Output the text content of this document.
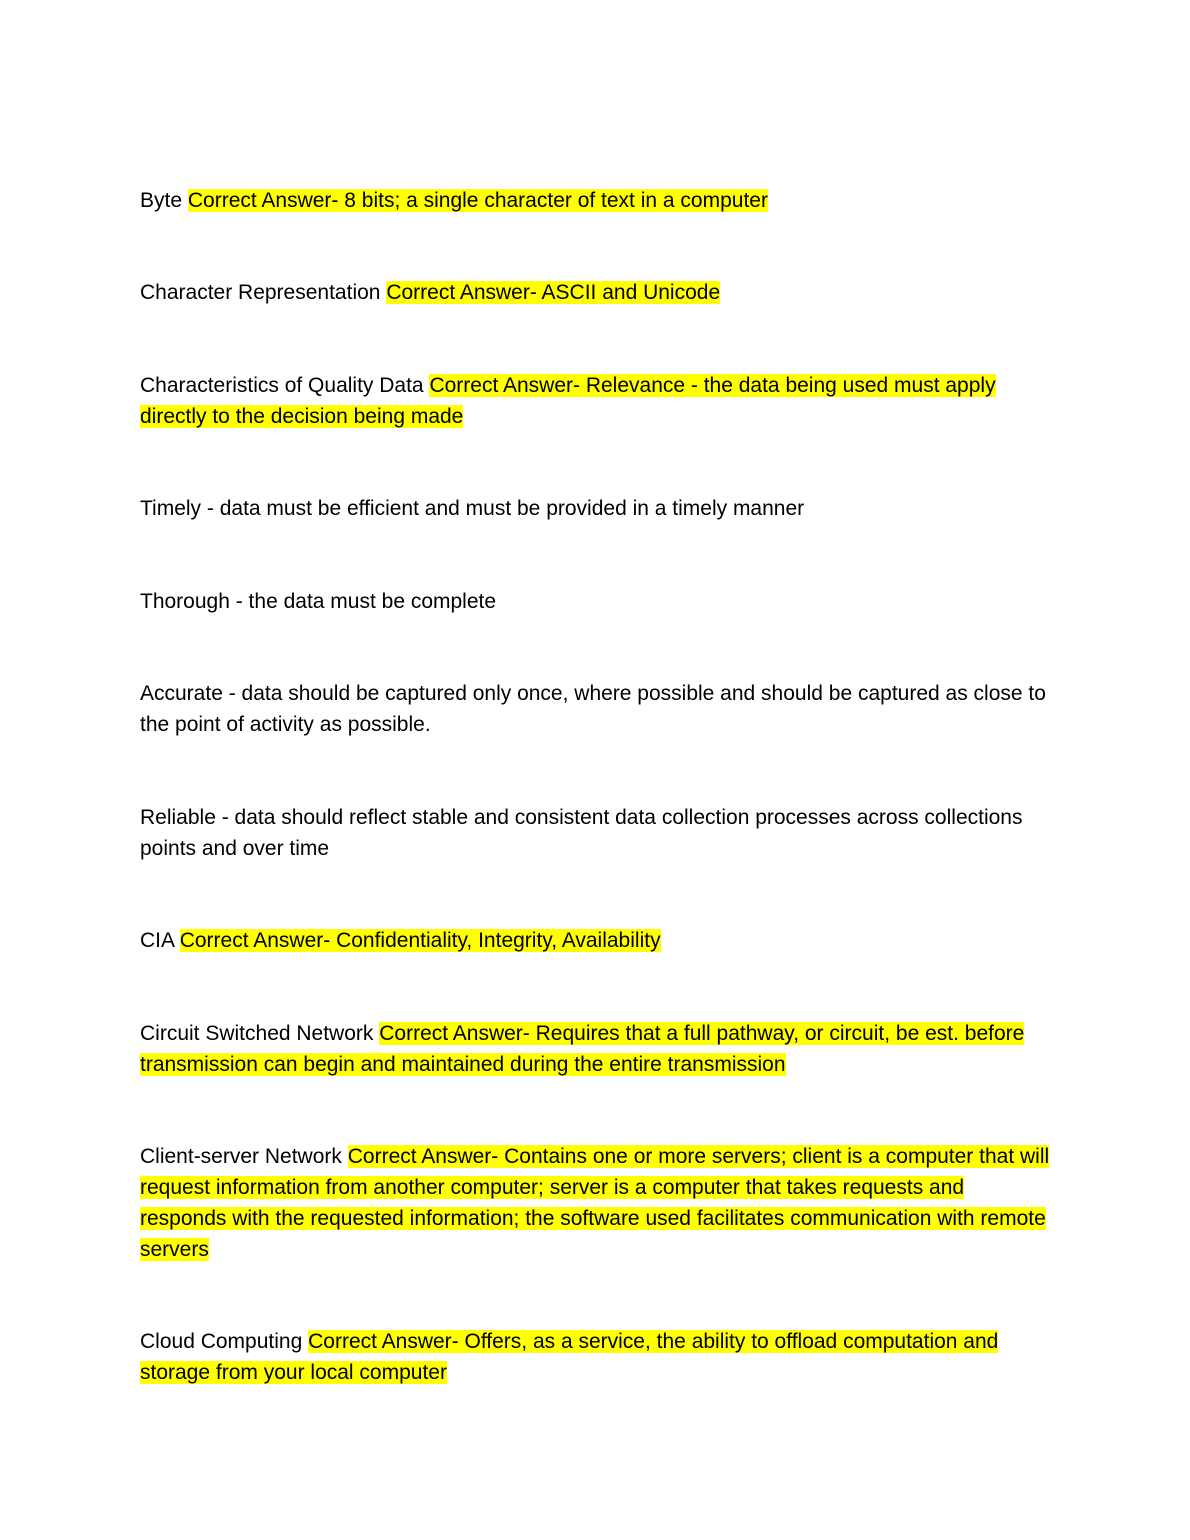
Byte Correct Answer- 8 bits; a single character of text in a computer

Character Representation Correct Answer- ASCII and Unicode

Characteristics of Quality Data Correct Answer- Relevance - the data being used must apply directly to the decision being made

Timely - data must be efficient and must be provided in a timely manner

Thorough - the data must be complete

Accurate - data should be captured only once, where possible and should be captured as close to the point of activity as possible.

Reliable - data should reflect stable and consistent data collection processes across collections points and over time

CIA Correct Answer- Confidentiality, Integrity, Availability

Circuit Switched Network Correct Answer- Requires that a full pathway, or circuit, be est. before transmission can begin and maintained during the entire transmission

Client-server Network Correct Answer- Contains one or more servers; client is a computer that will request information from another computer; server is a computer that takes requests and responds with the requested information; the software used facilitates communication with remote servers

Cloud Computing Correct Answer- Offers, as a service, the ability to offload computation and storage from your local computer
